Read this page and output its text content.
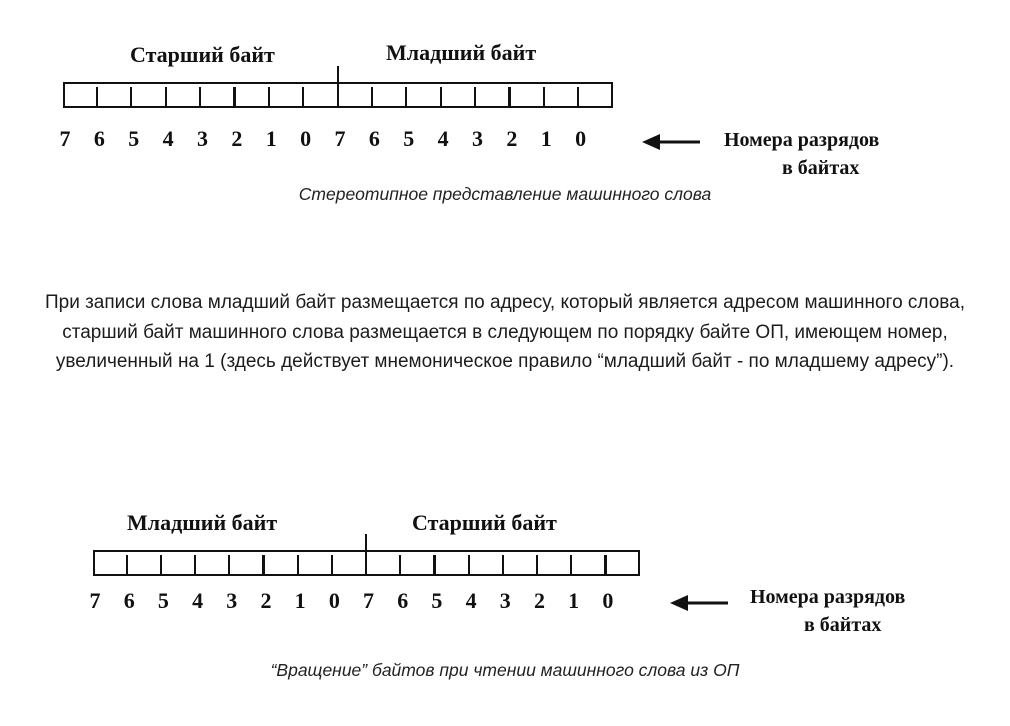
Старший байт	Младший байт
7 6 5 4 3 2 1 0 7 6 5 4 3 2 1 0	Номера разрядов
в байтах
Стереотипное представление машинного слова
При записи слова младший байт размещается по адресу, который является адресом машинного слова, старший байт машинного слова размещается в следующем по порядку байте ОП, имеющем номер, увеличенный на 1 (здесь действует мнемоническое правило “младший байт - по младшему адресу”).
Младший байт	Старший байт
7 6 5 4 3 2 1 0 7 6 5 4 3 2 1 0	Номера разрядов
в байтах
“Вращение” байтов при чтении машинного слова из ОП
